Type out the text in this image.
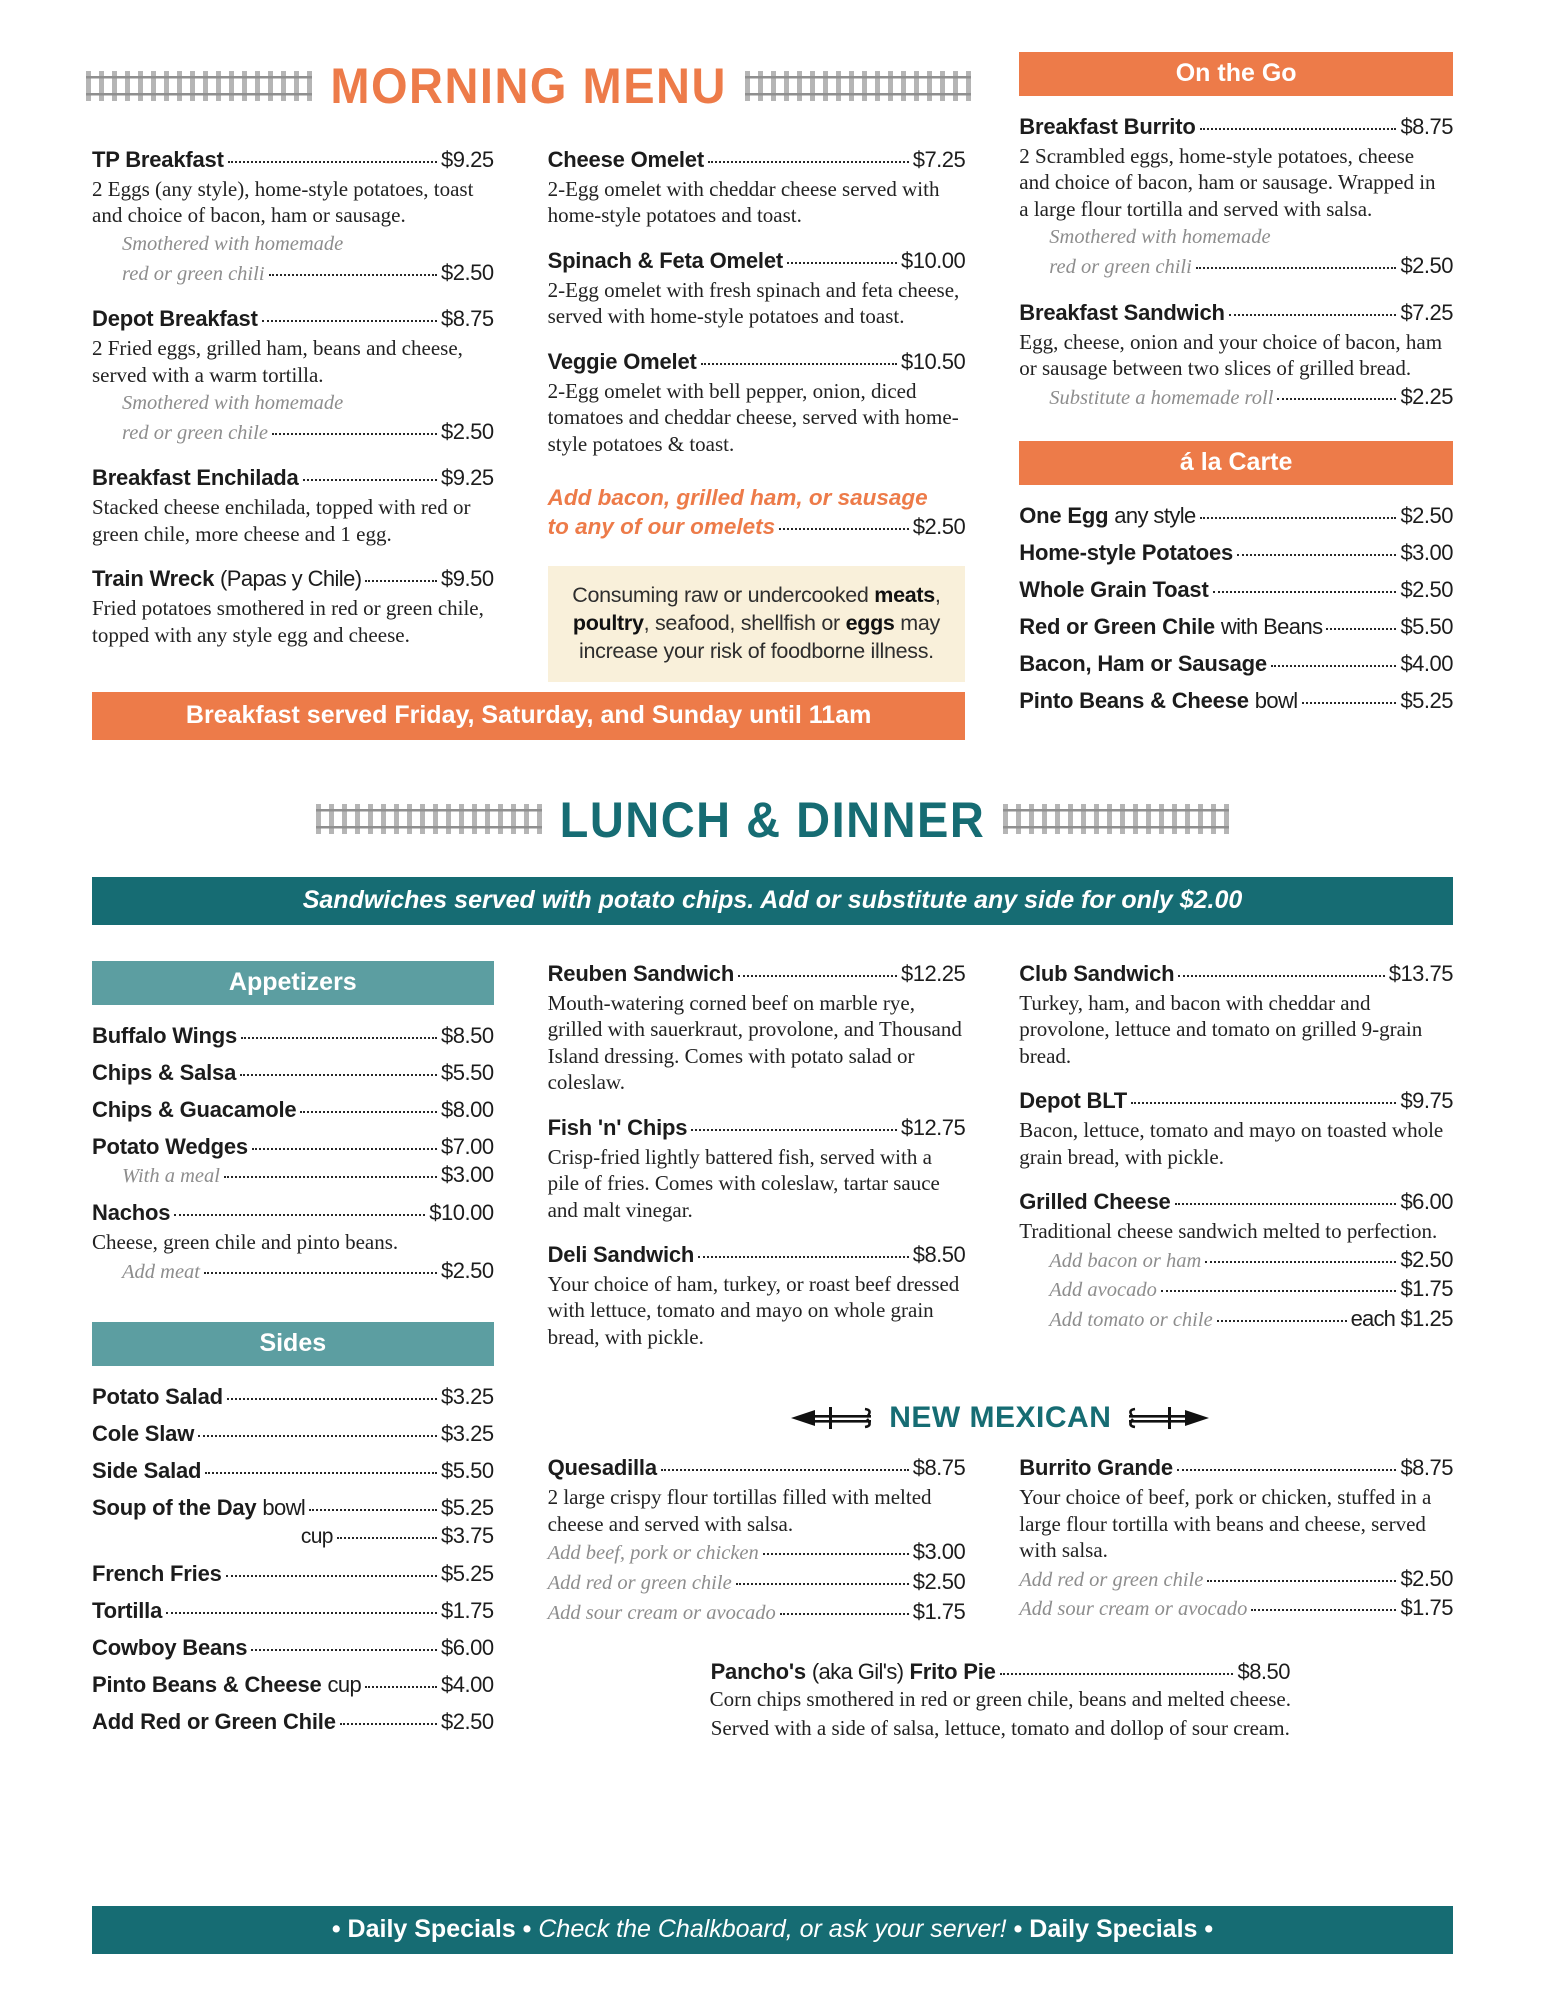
MORNING MENU
TP Breakfast	$9.25
2 Eggs (any style), home-style potatoes, toast and choice of bacon, ham or sausage.
Smothered with homemade
red or green chili	$2.50
Depot Breakfast	$8.75
2 Fried eggs, grilled ham, beans and cheese, served with a warm tortilla.
Smothered with homemade
red or green chile	$2.50
Breakfast Enchilada	$9.25
Stacked cheese enchilada, topped with red or green chile, more cheese and 1 egg.
Train Wreck (Papas y Chile)	$9.50
Fried potatoes smothered in red or green chile, topped with any style egg and cheese.
Cheese Omelet	$7.25
2-Egg omelet with cheddar cheese served with home-style potatoes and toast.
Spinach & Feta Omelet	$10.00
2-Egg omelet with fresh spinach and feta cheese, served with home-style potatoes and toast.
Veggie Omelet	$10.50
2-Egg omelet with bell pepper, onion, diced tomatoes and cheddar cheese, served with home-style potatoes & toast.
Add bacon, grilled ham, or sausage
to any of our omelets	$2.50
Consuming raw or undercooked meats, poultry, seafood, shellfish or eggs may increase your risk of foodborne illness.
On the Go
Breakfast Burrito	$8.75
2 Scrambled eggs, home-style potatoes, cheese and choice of bacon, ham or sausage. Wrapped in a large flour tortilla and served with salsa.
Smothered with homemade
red or green chili	$2.50
Breakfast Sandwich	$7.25
Egg, cheese, onion and your choice of bacon, ham or sausage between two slices of grilled bread.
Substitute a homemade roll	$2.25
á la Carte
One Egg any style	$2.50
Home-style Potatoes	$3.00
Whole Grain Toast	$2.50
Red or Green Chile with Beans	$5.50
Bacon, Ham or Sausage	$4.00
Pinto Beans & Cheese bowl	$5.25
Breakfast served Friday, Saturday, and Sunday until 11am
LUNCH & DINNER
Sandwiches served with potato chips. Add or substitute any side for only $2.00
Appetizers
Buffalo Wings	$8.50
Chips & Salsa	$5.50
Chips & Guacamole	$8.00
Potato Wedges	$7.00
With a meal	$3.00
Nachos	$10.00
Cheese, green chile and pinto beans.
Add meat	$2.50
Sides
Potato Salad	$3.25
Cole Slaw	$3.25
Side Salad	$5.50
Soup of the Day bowl	$5.25
cup	$3.75
French Fries	$5.25
Tortilla	$1.75
Cowboy Beans	$6.00
Pinto Beans & Cheese cup	$4.00
Add Red or Green Chile	$2.50
Reuben Sandwich	$12.25
Mouth-watering corned beef on marble rye, grilled with sauerkraut, provolone, and Thousand Island dressing. Comes with potato salad or coleslaw.
Fish 'n' Chips	$12.75
Crisp-fried lightly battered fish, served with a pile of fries. Comes with coleslaw, tartar sauce and malt vinegar.
Deli Sandwich	$8.50
Your choice of ham, turkey, or roast beef dressed with lettuce, tomato and mayo on whole grain bread, with pickle.
Club Sandwich	$13.75
Turkey, ham, and bacon with cheddar and provolone, lettuce and tomato on grilled 9-grain bread.
Depot BLT	$9.75
Bacon, lettuce, tomato and mayo on toasted whole grain bread, with pickle.
Grilled Cheese	$6.00
Traditional cheese sandwich melted to perfection.
Add bacon or ham	$2.50
Add avocado	$1.75
Add tomato or chile	each $1.25
NEW MEXICAN
Quesadilla	$8.75
2 large crispy flour tortillas filled with melted cheese and served with salsa.
Add beef, pork or chicken	$3.00
Add red or green chile	$2.50
Add sour cream or avocado	$1.75
Burrito Grande	$8.75
Your choice of beef, pork or chicken, stuffed in a large flour tortilla with beans and cheese, served with salsa.
Add red or green chile	$2.50
Add sour cream or avocado	$1.75
Pancho's (aka Gil's) Frito Pie	$8.50
Corn chips smothered in red or green chile, beans and melted cheese.
Served with a side of salsa, lettuce, tomato and dollop of sour cream.
• Daily Specials • Check the Chalkboard, or ask your server! • Daily Specials •
